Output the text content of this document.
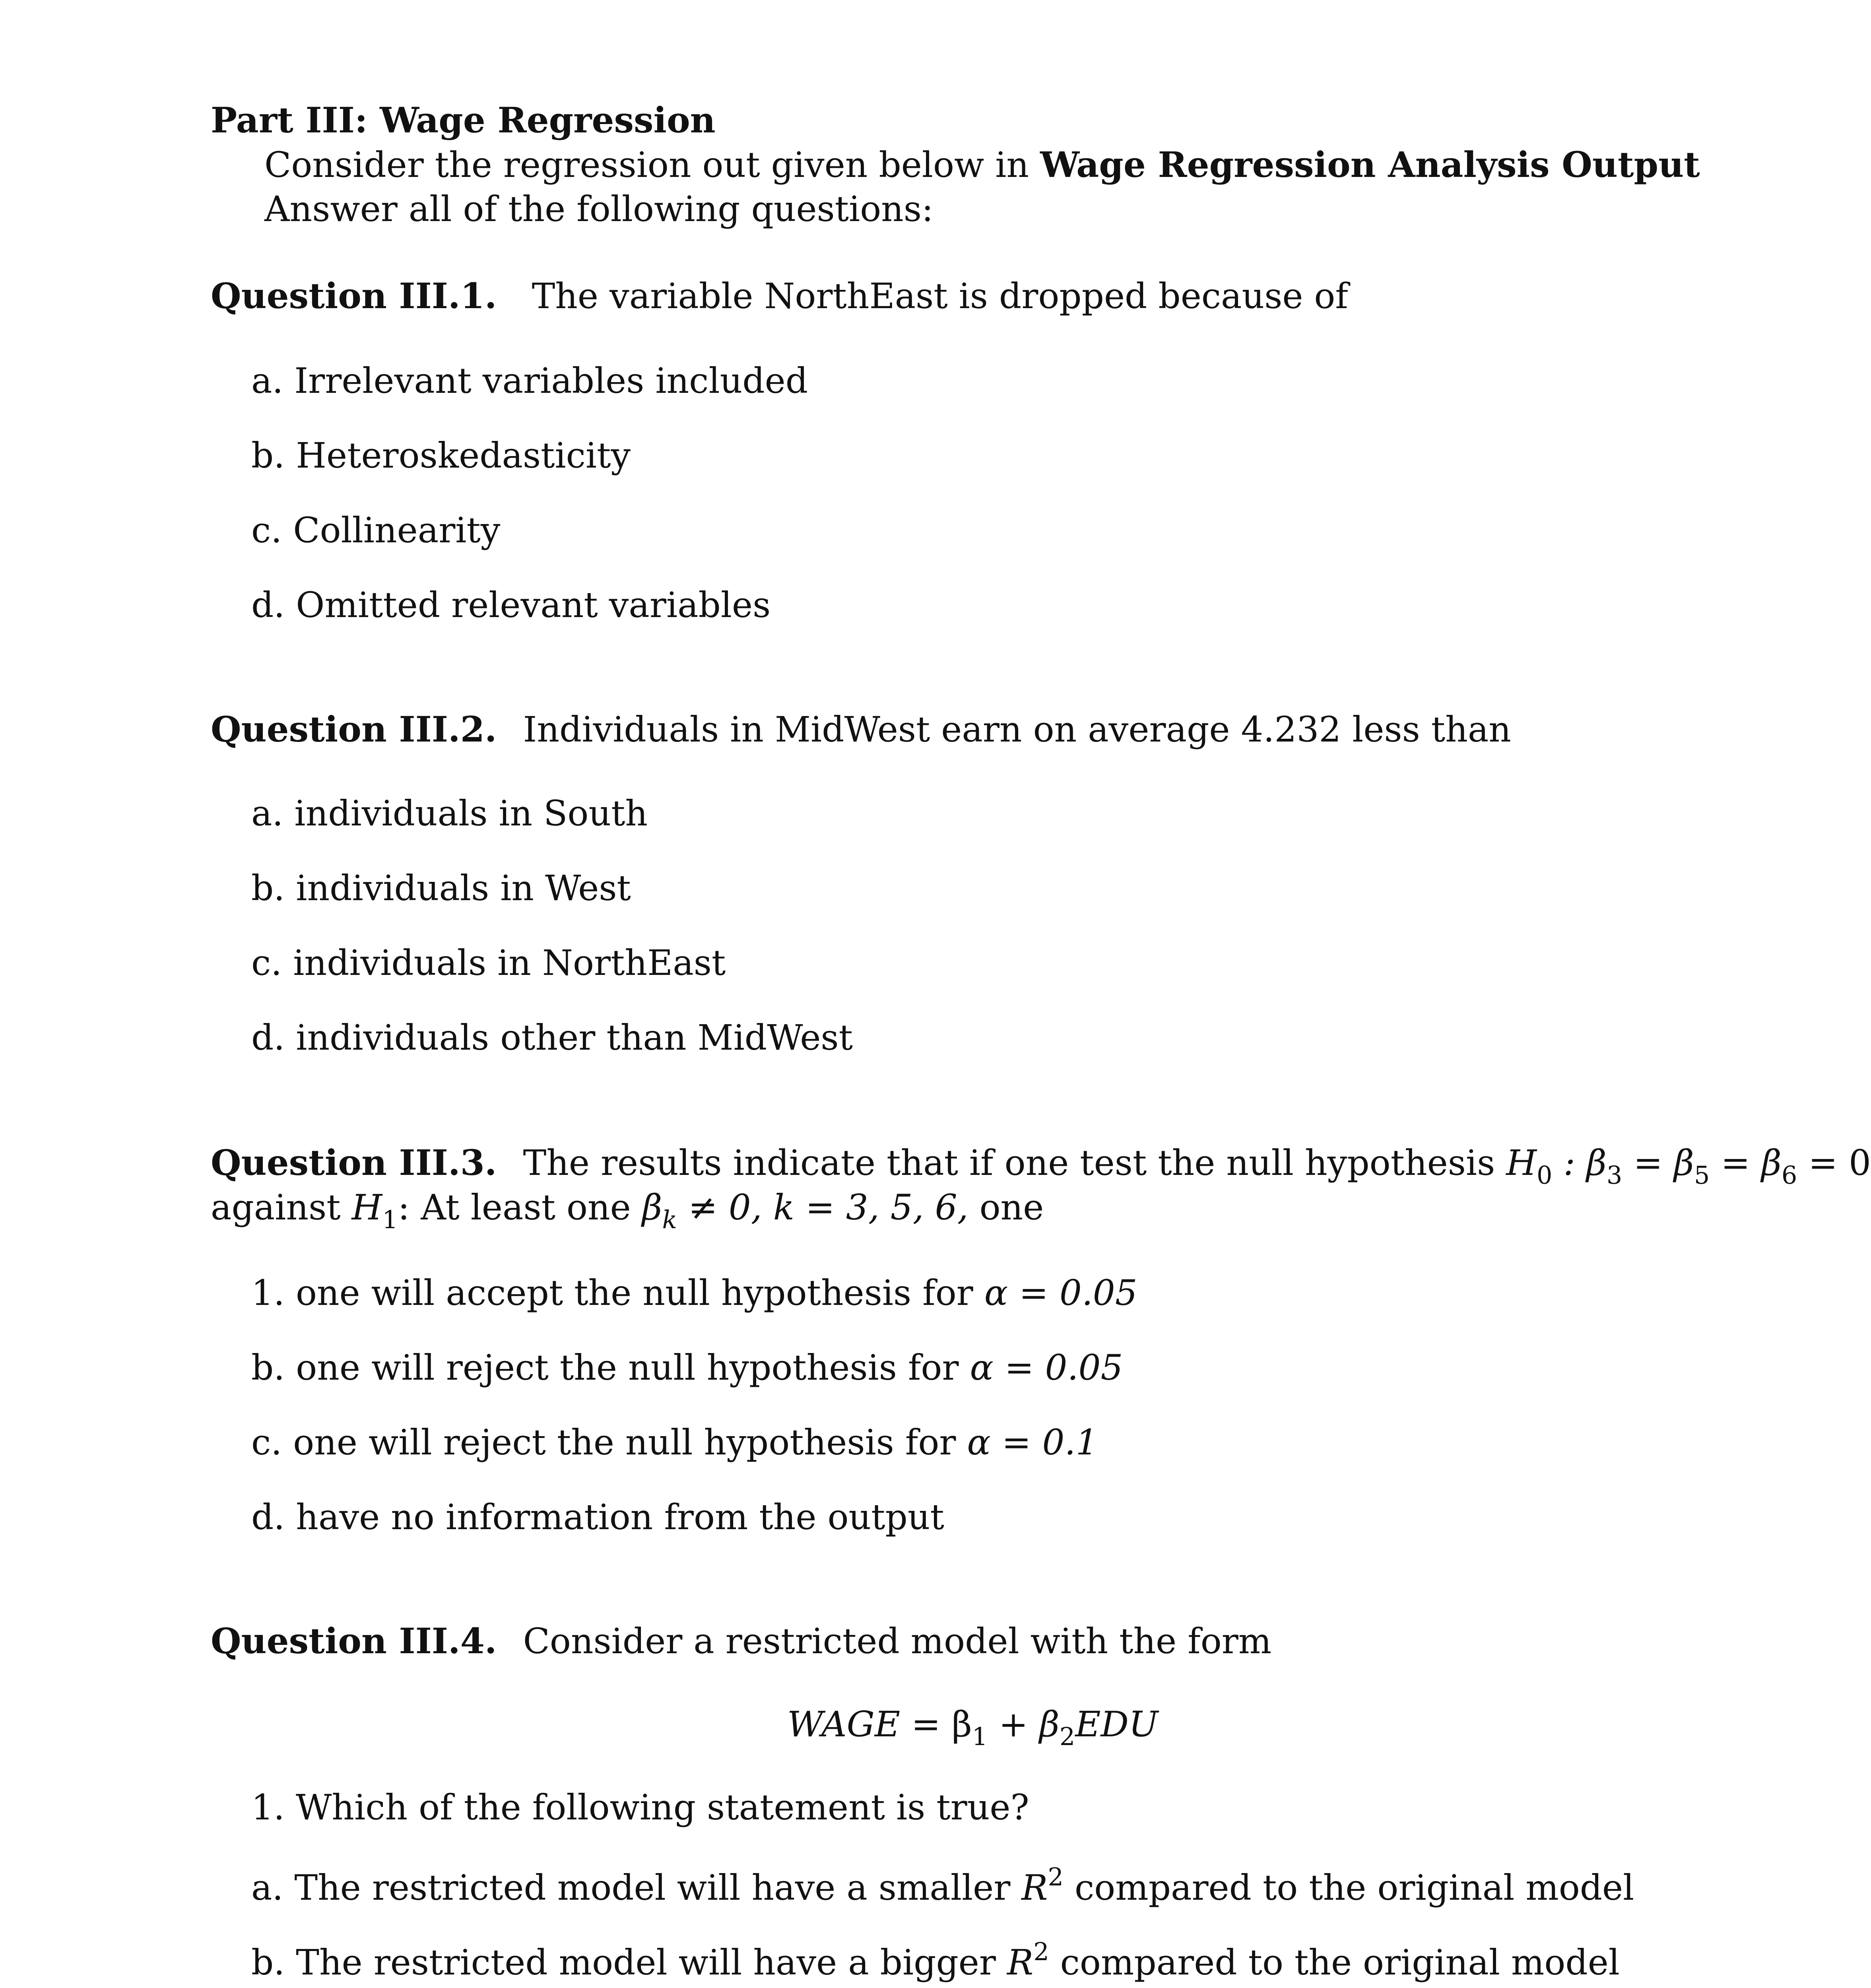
Part III: Wage Regression
Consider the regression out given below in Wage Regression Analysis Output
Answer all of the following questions:
Question III.1. The variable NorthEast is dropped because of
a. Irrelevant variables included
b. Heteroskedasticity
c. Collinearity
d. Omitted relevant variables
Question III.2. Individuals in MidWest earn on average 4.232 less than
a. individuals in South
b. individuals in West
c. individuals in NorthEast
d. individuals other than MidWest
Question III.3. The results indicate that if one test the null hypothesis $H_0$ : $\beta_3 = \beta_5 = \beta_6 = 0$
against $H_1$: At least one $\beta_k \ne 0$, k = 3, 5, 6, one
1. one will accept the null hypothesis for α = 0.05
b. one will reject the null hypothesis for α = 0.05
c. one will reject the null hypothesis for α = 0.1
d. have no information from the output
Question III.4. Consider a restricted model with the form
WAGE = $\beta_1 + \beta_2EDU$
1. Which of the following statement is true?
a. The restricted model will have a smaller $R^2$ compared to the original model
b. The restricted model will have a bigger $R^2$ compared to the original model
